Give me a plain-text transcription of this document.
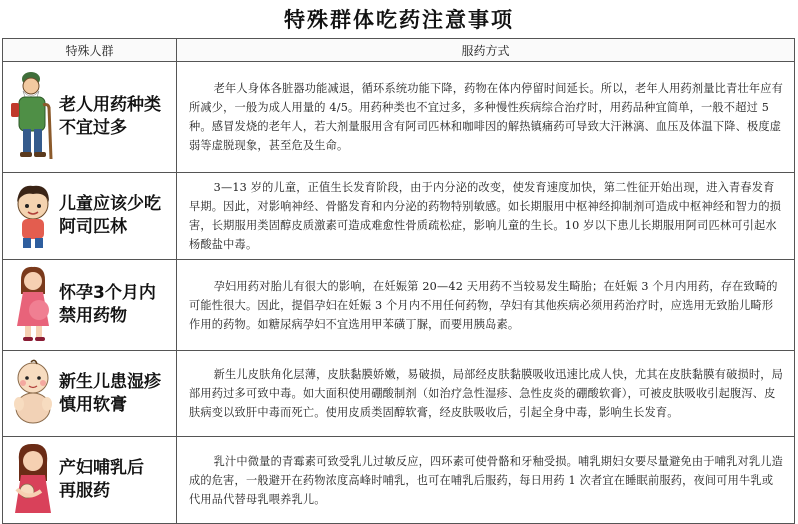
特殊群体吃药注意事项
特殊人群	服药方式

老人用药种类
不宜过多	老年人身体各脏器功能减退，循环系统功能下降，药物在体内停留时间延长。所以，老年人用药剂量比青壮年应有所减少，一般为成人用量的 4/5。用药种类也不宜过多，多种慢性疾病综合治疗时，用药品种宜简单，一般不超过 5 种。感冒发烧的老年人，若大剂量服用含有阿司匹林和咖啡因的解热镇痛药可导致大汗淋漓、血压及体温下降、极度虚弱等虚脱现象，甚至危及生命。

儿童应该少吃
阿司匹林	3—13 岁的儿童，正值生长发育阶段，由于内分泌的改变，使发育速度加快，第二性征开始出现，进入青春发育早期。因此，对影响神经、骨骼发育和内分泌的药物特别敏感。如长期服用中枢神经抑制剂可造成中枢神经和智力的损害，长期服用类固醇皮质激素可造成难愈性骨质疏松症，影响儿童的生长。10 岁以下患儿长期服用阿司匹林可引起水杨酸盐中毒。

怀孕3个月内
禁用药物	孕妇用药对胎儿有很大的影响，在妊娠第 20—42 天用药不当较易发生畸胎；在妊娠 3 个月内用药，存在致畸的可能性很大。因此，提倡孕妇在妊娠 3 个月内不用任何药物，孕妇有其他疾病必须用药治疗时，应选用无致胎儿畸形作用的药物。如糖尿病孕妇不宜选用甲苯磺丁脲，而要用胰岛素。

新生儿患湿疹
慎用软膏	新生儿皮肤角化层薄，皮肤黏膜娇嫩，易破损，局部经皮肤黏膜吸收迅速比成人快，尤其在皮肤黏膜有破损时，局部用药过多可致中毒。如大面积使用硼酸制剂（如治疗急性湿疹、急性皮炎的硼酸软膏），可被皮肤吸收引起腹泻、皮肤病变以致肝中毒而死亡。使用皮质类固醇软膏，经皮肤吸收后，引起全身中毒，影响生长发育。

产妇哺乳后
再服药	乳汁中微量的青霉素可致受乳儿过敏反应，四环素可使骨骼和牙釉受损。哺乳期妇女要尽量避免由于哺乳对乳儿造成的危害，一般避开在药物浓度高峰时哺乳，也可在哺乳后服药，每日用药 1 次者宜在睡眠前服药，夜间可用牛乳或代用品代替母乳喂养乳儿。
